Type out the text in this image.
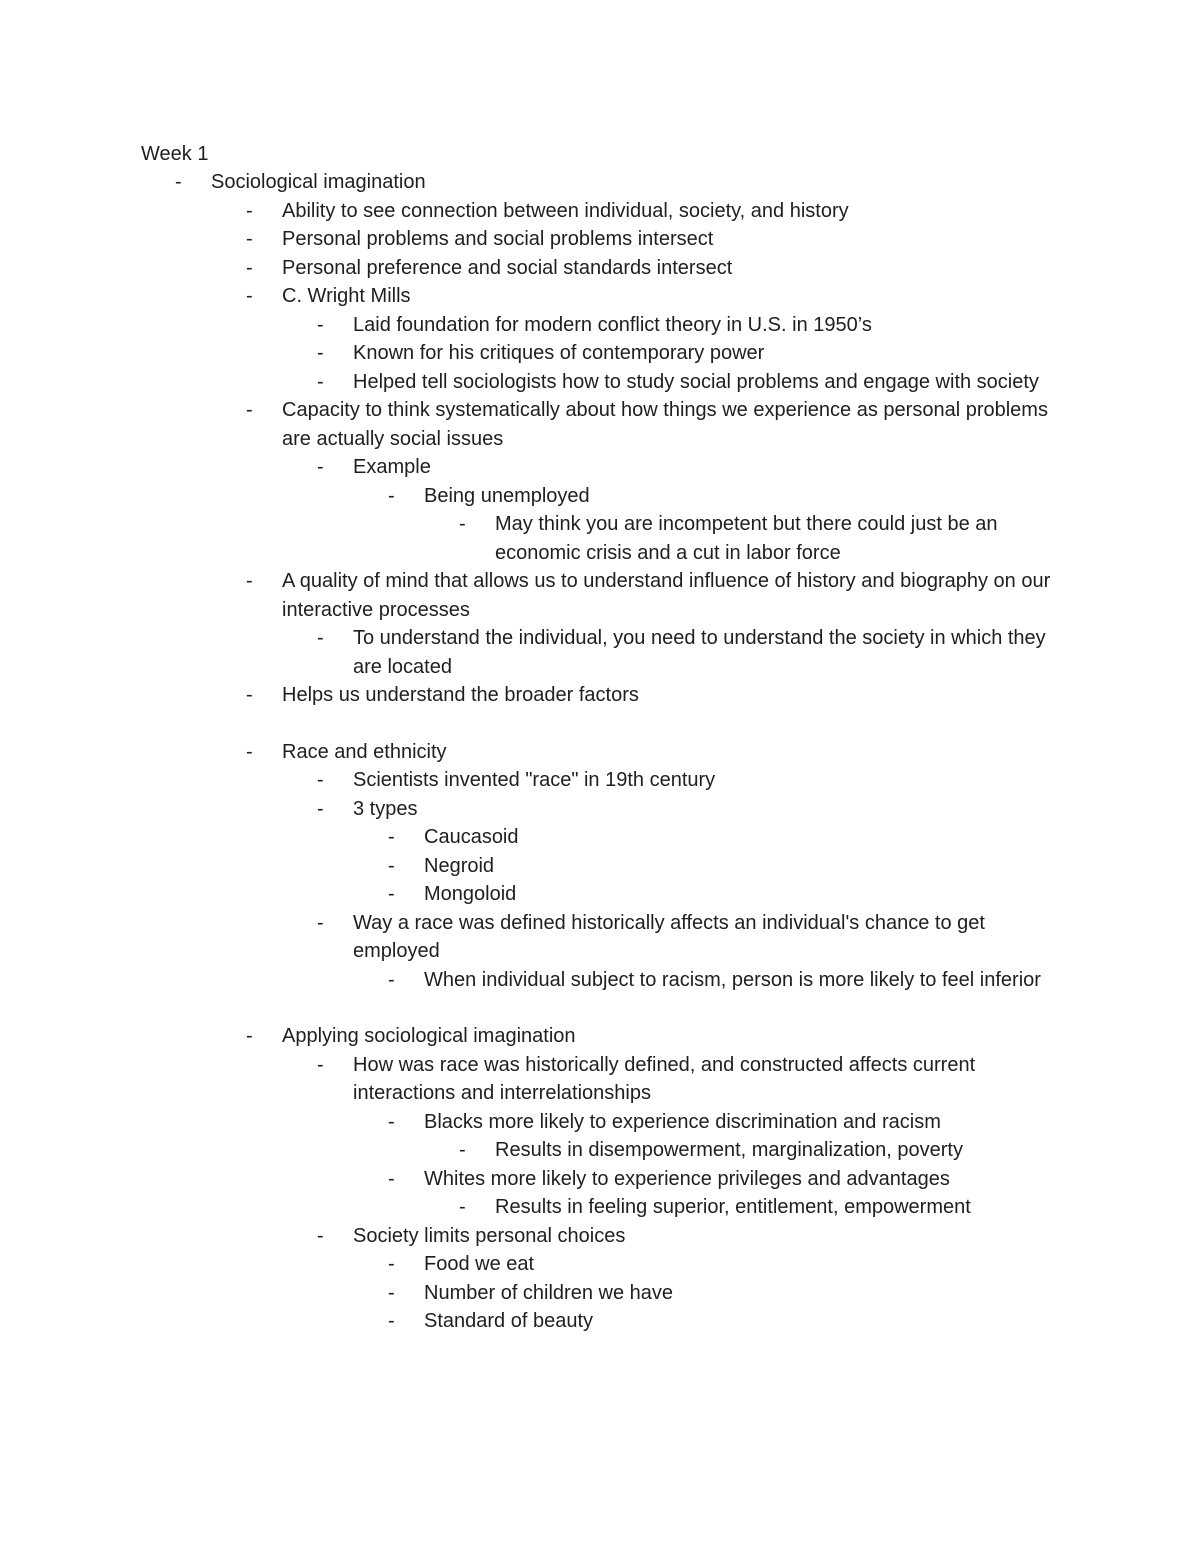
Week 1
- Sociological imagination
- Ability to see connection between individual, society, and history
- Personal problems and social problems intersect
- Personal preference and social standards intersect
- C. Wright Mills
- Laid foundation for modern conflict theory in U.S. in 1950’s
- Known for his critiques of contemporary power
- Helped tell sociologists how to study social problems and engage with society
- Capacity to think systematically about how things we experience as personal problems are actually social issues
- Example
- Being unemployed
- May think you are incompetent but there could just be an economic crisis and a cut in labor force
- A quality of mind that allows us to understand influence of history and biography on our interactive processes
- To understand the individual, you need to understand the society in which they are located
- Helps us understand the broader factors
- Race and ethnicity
- Scientists invented "race" in 19th century
- 3 types
- Caucasoid
- Negroid
- Mongoloid
- Way a race was defined historically affects an individual's chance to get employed
- When individual subject to racism, person is more likely to feel inferior
- Applying sociological imagination
- How was race was historically defined, and constructed affects current interactions and interrelationships
- Blacks more likely to experience discrimination and racism
- Results in disempowerment, marginalization, poverty
- Whites more likely to experience privileges and advantages
- Results in feeling superior, entitlement, empowerment
- Society limits personal choices
- Food we eat
- Number of children we have
- Standard of beauty
